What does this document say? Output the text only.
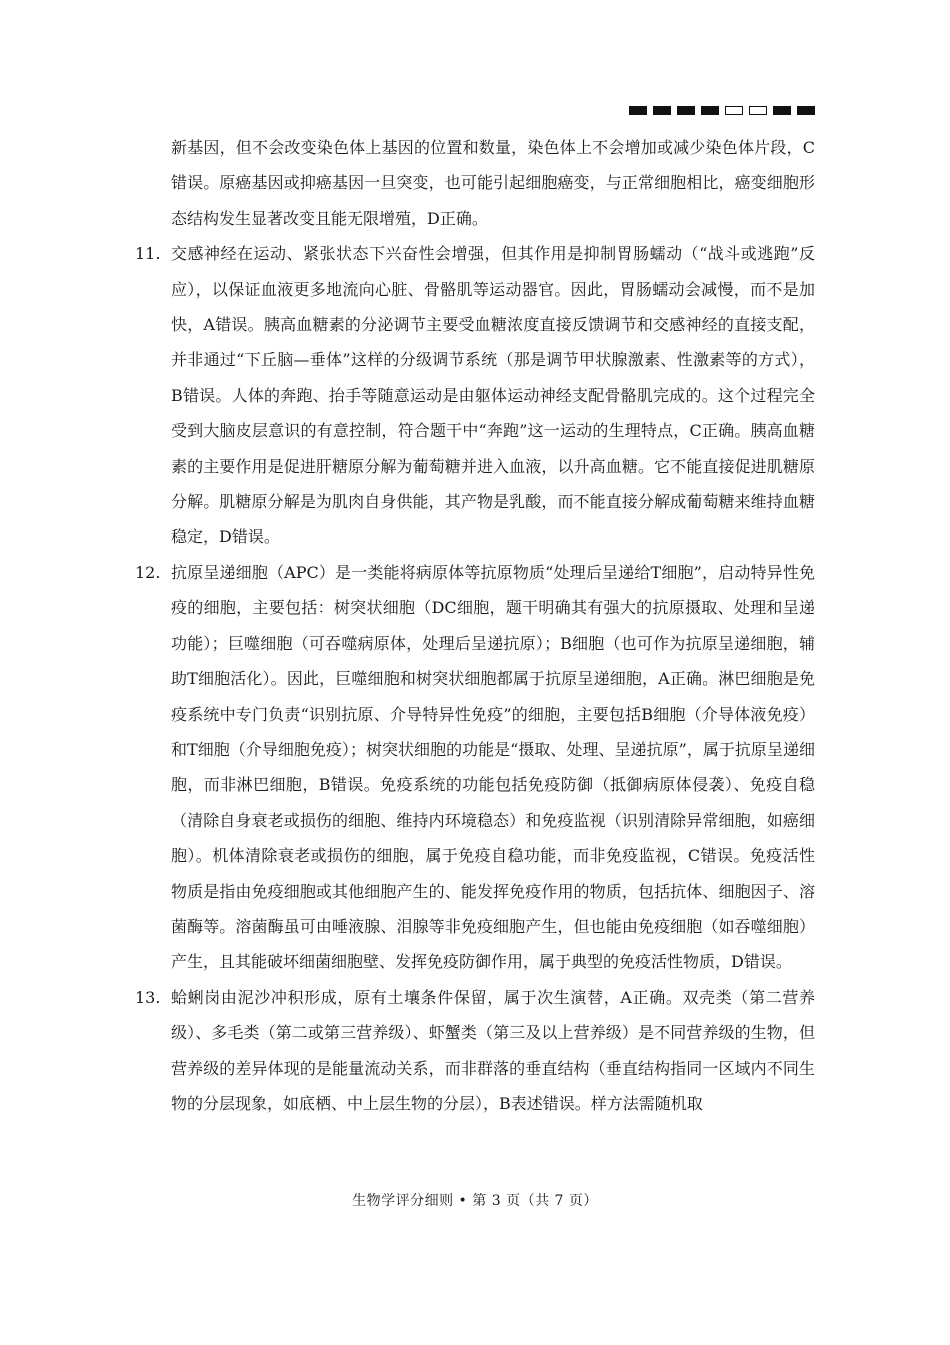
新基因，但不会改变染色体上基因的位置和数量，染色体上不会增加或减少染色体片段，C错误。原癌基因或抑癌基因一旦突变，也可能引起细胞癌变，与正常细胞相比，癌变细胞形态结构发生显著改变且能无限增殖，D正确。

11. 交感神经在运动、紧张状态下兴奋性会增强，但其作用是抑制胃肠蠕动（“战斗或逃跑”反应），以保证血液更多地流向心脏、骨骼肌等运动器官。因此，胃肠蠕动会减慢，而不是加快，A错误。胰高血糖素的分泌调节主要受血糖浓度直接反馈调节和交感神经的直接支配，并非通过“下丘脑—垂体”这样的分级调节系统（那是调节甲状腺激素、性激素等的方式），B错误。人体的奔跑、抬手等随意运动是由躯体运动神经支配骨骼肌完成的。这个过程完全受到大脑皮层意识的有意控制，符合题干中“奔跑”这一运动的生理特点，C正确。胰高血糖素的主要作用是促进肝糖原分解为葡萄糖并进入血液，以升高血糖。它不能直接促进肌糖原分解。肌糖原分解是为肌肉自身供能，其产物是乳酸，而不能直接分解成葡萄糖来维持血糖稳定，D错误。

12. 抗原呈递细胞（APC）是一类能将病原体等抗原物质“处理后呈递给T细胞”，启动特异性免疫的细胞，主要包括：树突状细胞（DC细胞，题干明确其有强大的抗原摄取、处理和呈递功能）；巨噬细胞（可吞噬病原体，处理后呈递抗原）；B细胞（也可作为抗原呈递细胞，辅助T细胞活化）。因此，巨噬细胞和树突状细胞都属于抗原呈递细胞，A正确。淋巴细胞是免疫系统中专门负责“识别抗原、介导特异性免疫”的细胞，主要包括B细胞（介导体液免疫）和T细胞（介导细胞免疫）；树突状细胞的功能是“摄取、处理、呈递抗原”，属于抗原呈递细胞，而非淋巴细胞，B错误。免疫系统的功能包括免疫防御（抵御病原体侵袭）、免疫自稳（清除自身衰老或损伤的细胞、维持内环境稳态）和免疫监视（识别清除异常细胞，如癌细胞）。机体清除衰老或损伤的细胞，属于免疫自稳功能，而非免疫监视，C错误。免疫活性物质是指由免疫细胞或其他细胞产生的、能发挥免疫作用的物质，包括抗体、细胞因子、溶菌酶等。溶菌酶虽可由唾液腺、泪腺等非免疫细胞产生，但也能由免疫细胞（如吞噬细胞）产生，且其能破坏细菌细胞壁、发挥免疫防御作用，属于典型的免疫活性物质，D错误。

13. 蛤蜊岗由泥沙冲积形成，原有土壤条件保留，属于次生演替，A正确。双壳类（第二营养级）、多毛类（第二或第三营养级）、虾蟹类（第三及以上营养级）是不同营养级的生物，但营养级的差异体现的是能量流动关系，而非群落的垂直结构（垂直结构指同一区域内不同生物的分层现象，如底栖、中上层生物的分层），B表述错误。样方法需随机取

生物学评分细则 • 第 3 页（共 7 页）
